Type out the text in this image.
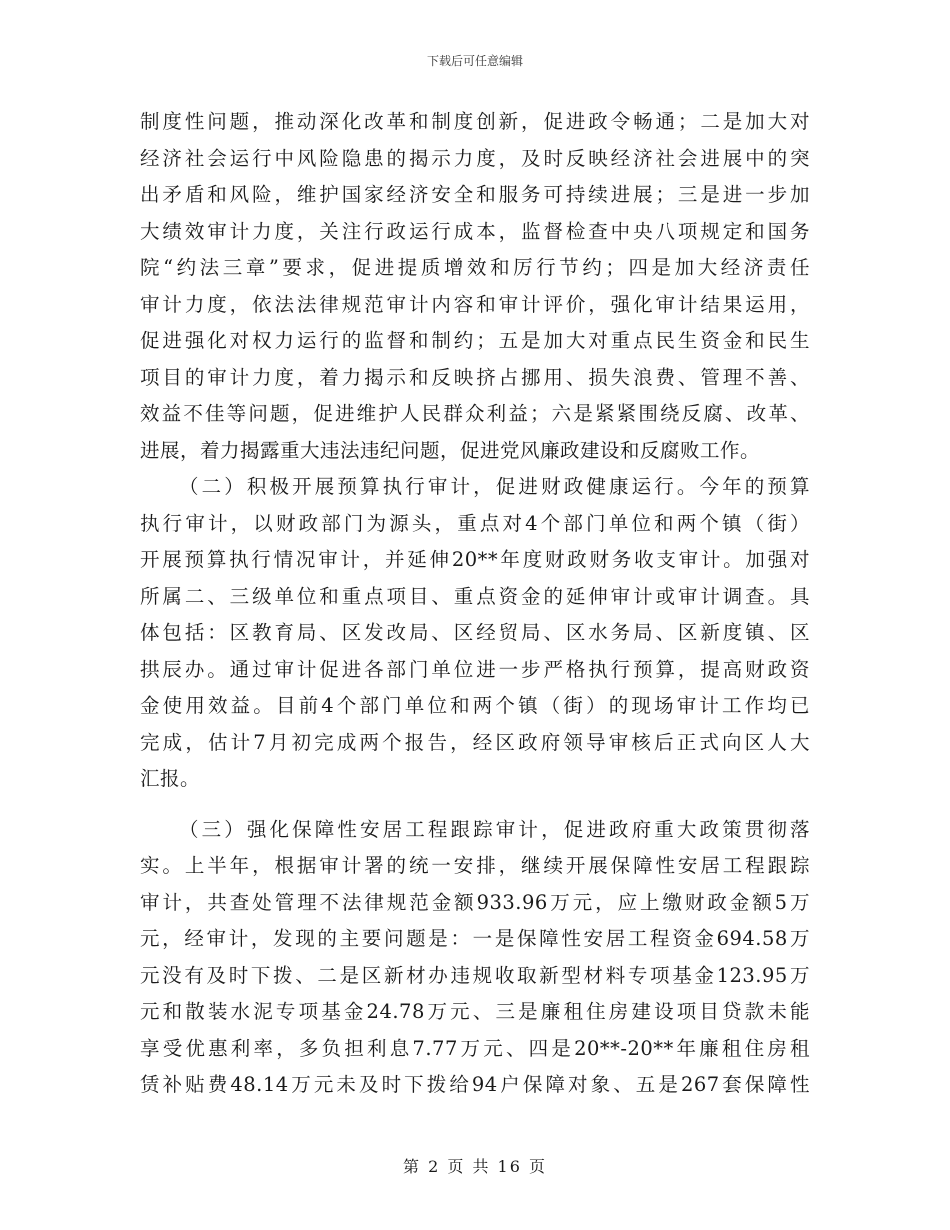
下载后可任意编辑
制度性问题，推动深化改革和制度创新，促进政令畅通；二是加大对
经济社会运行中风险隐患的揭示力度，及时反映经济社会进展中的突
出矛盾和风险，维护国家经济安全和服务可持续进展；三是进一步加
大绩效审计力度，关注行政运行成本，监督检查中央八项规定和国务
院“约法三章”要求，促进提质增效和厉行节约；四是加大经济责任
审计力度，依法法律规范审计内容和审计评价，强化审计结果运用，
促进强化对权力运行的监督和制约；五是加大对重点民生资金和民生
项目的审计力度，着力揭示和反映挤占挪用、损失浪费、管理不善、
效益不佳等问题，促进维护人民群众利益；六是紧紧围绕反腐、改革、
进展，着力揭露重大违法违纪问题，促进党风廉政建设和反腐败工作。
（二）积极开展预算执行审计，促进财政健康运行。今年的预算
执行审计，以财政部门为源头，重点对4个部门单位和两个镇（街）
开展预算执行情况审计，并延伸20**年度财政财务收支审计。加强对
所属二、三级单位和重点项目、重点资金的延伸审计或审计调查。具
体包括：区教育局、区发改局、区经贸局、区水务局、区新度镇、区
拱辰办。通过审计促进各部门单位进一步严格执行预算，提高财政资
金使用效益。目前4个部门单位和两个镇（街）的现场审计工作均已
完成，估计7月初完成两个报告，经区政府领导审核后正式向区人大
汇报。
（三）强化保障性安居工程跟踪审计，促进政府重大政策贯彻落
实。上半年，根据审计署的统一安排，继续开展保障性安居工程跟踪
审计，共查处管理不法律规范金额933.96万元，应上缴财政金额5万
元，经审计，发现的主要问题是：一是保障性安居工程资金694.58万
元没有及时下拨、二是区新材办违规收取新型材料专项基金123.95万
元和散装水泥专项基金24.78万元、三是廉租住房建设项目贷款未能
享受优惠利率，多负担利息7.77万元、四是20**-20**年廉租住房租
赁补贴费48.14万元未及时下拨给94户保障对象、五是267套保障性
第 2 页 共 16 页
